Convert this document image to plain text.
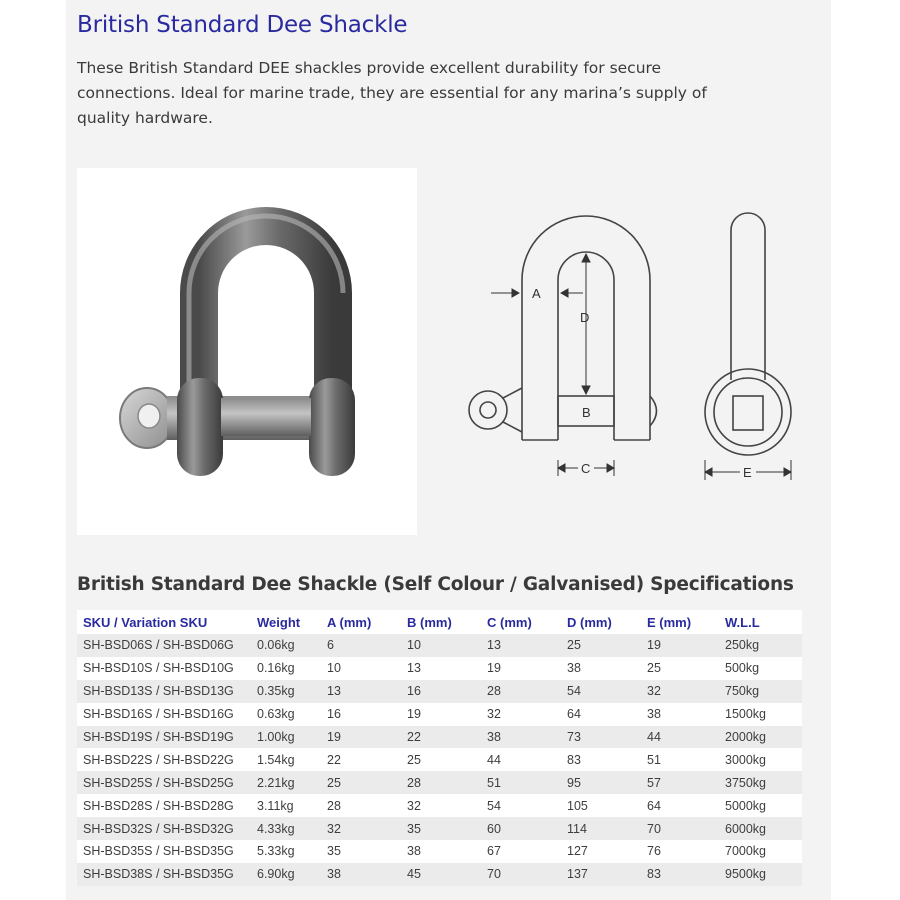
British Standard Dee Shackle

These British Standard DEE shackles provide excellent durability for secure connections. Ideal for marine trade, they are essential for any marina’s supply of quality hardware.

A
D
B
C	E
British Standard Dee Shackle (Self Colour / Galvanised) Specifications
SKU / Variation SKU	Weight	A (mm)	B (mm)	C (mm)	D (mm)	E (mm)	W.L.L
SH-BSD06S / SH-BSD06G	0.06kg	6	10	13	25	19	250kg
SH-BSD10S / SH-BSD10G	0.16kg	10	13	19	38	25	500kg
SH-BSD13S / SH-BSD13G	0.35kg	13	16	28	54	32	750kg
SH-BSD16S / SH-BSD16G	0.63kg	16	19	32	64	38	1500kg
SH-BSD19S / SH-BSD19G	1.00kg	19	22	38	73	44	2000kg
SH-BSD22S / SH-BSD22G	1.54kg	22	25	44	83	51	3000kg
SH-BSD25S / SH-BSD25G	2.21kg	25	28	51	95	57	3750kg
SH-BSD28S / SH-BSD28G	3.11kg	28	32	54	105	64	5000kg
SH-BSD32S / SH-BSD32G	4.33kg	32	35	60	114	70	6000kg
SH-BSD35S / SH-BSD35G	5.33kg	35	38	67	127	76	7000kg
SH-BSD38S / SH-BSD35G	6.90kg	38	45	70	137	83	9500kg
